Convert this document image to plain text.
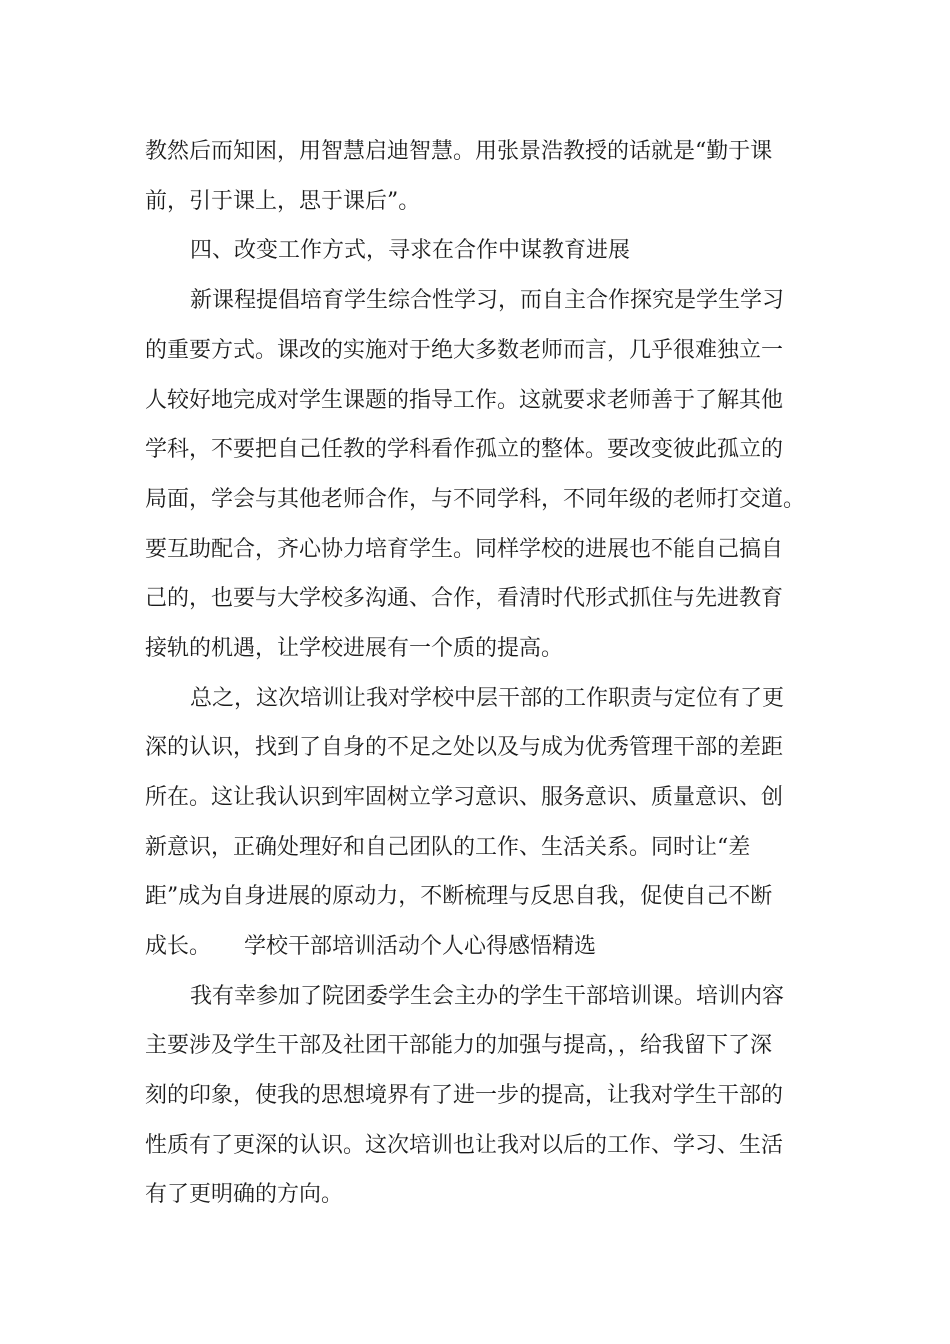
教然后而知困，用智慧启迪智慧。用张景浩教授的话就是“勤于课
前，引于课上，思于课后”。
四、改变工作方式，寻求在合作中谋教育进展
新课程提倡培育学生综合性学习，而自主合作探究是学生学习
的重要方式。课改的实施对于绝大多数老师而言，几乎很难独立一
人较好地完成对学生课题的指导工作。这就要求老师善于了解其他
学科，不要把自己任教的学科看作孤立的整体。要改变彼此孤立的
局面，学会与其他老师合作，与不同学科，不同年级的老师打交道。
要互助配合，齐心协力培育学生。同样学校的进展也不能自己搞自
己的，也要与大学校多沟通、合作，看清时代形式抓住与先进教育
接轨的机遇，让学校进展有一个质的提高。
总之，这次培训让我对学校中层干部的工作职责与定位有了更
深的认识，找到了自身的不足之处以及与成为优秀管理干部的差距
所在。这让我认识到牢固树立学习意识、服务意识、质量意识、创
新意识，正确处理好和自己团队的工作、生活关系。同时让“差
距”成为自身进展的原动力，不断梳理与反思自我，促使自己不断
成长。　　学校干部培训活动个人心得感悟精选
我有幸参加了院团委学生会主办的学生干部培训课。培训内容
主要涉及学生干部及社团干部能力的加强与提高，，给我留下了深
刻的印象，使我的思想境界有了进一步的提高，让我对学生干部的
性质有了更深的认识。这次培训也让我对以后的工作、学习、生活
有了更明确的方向。
